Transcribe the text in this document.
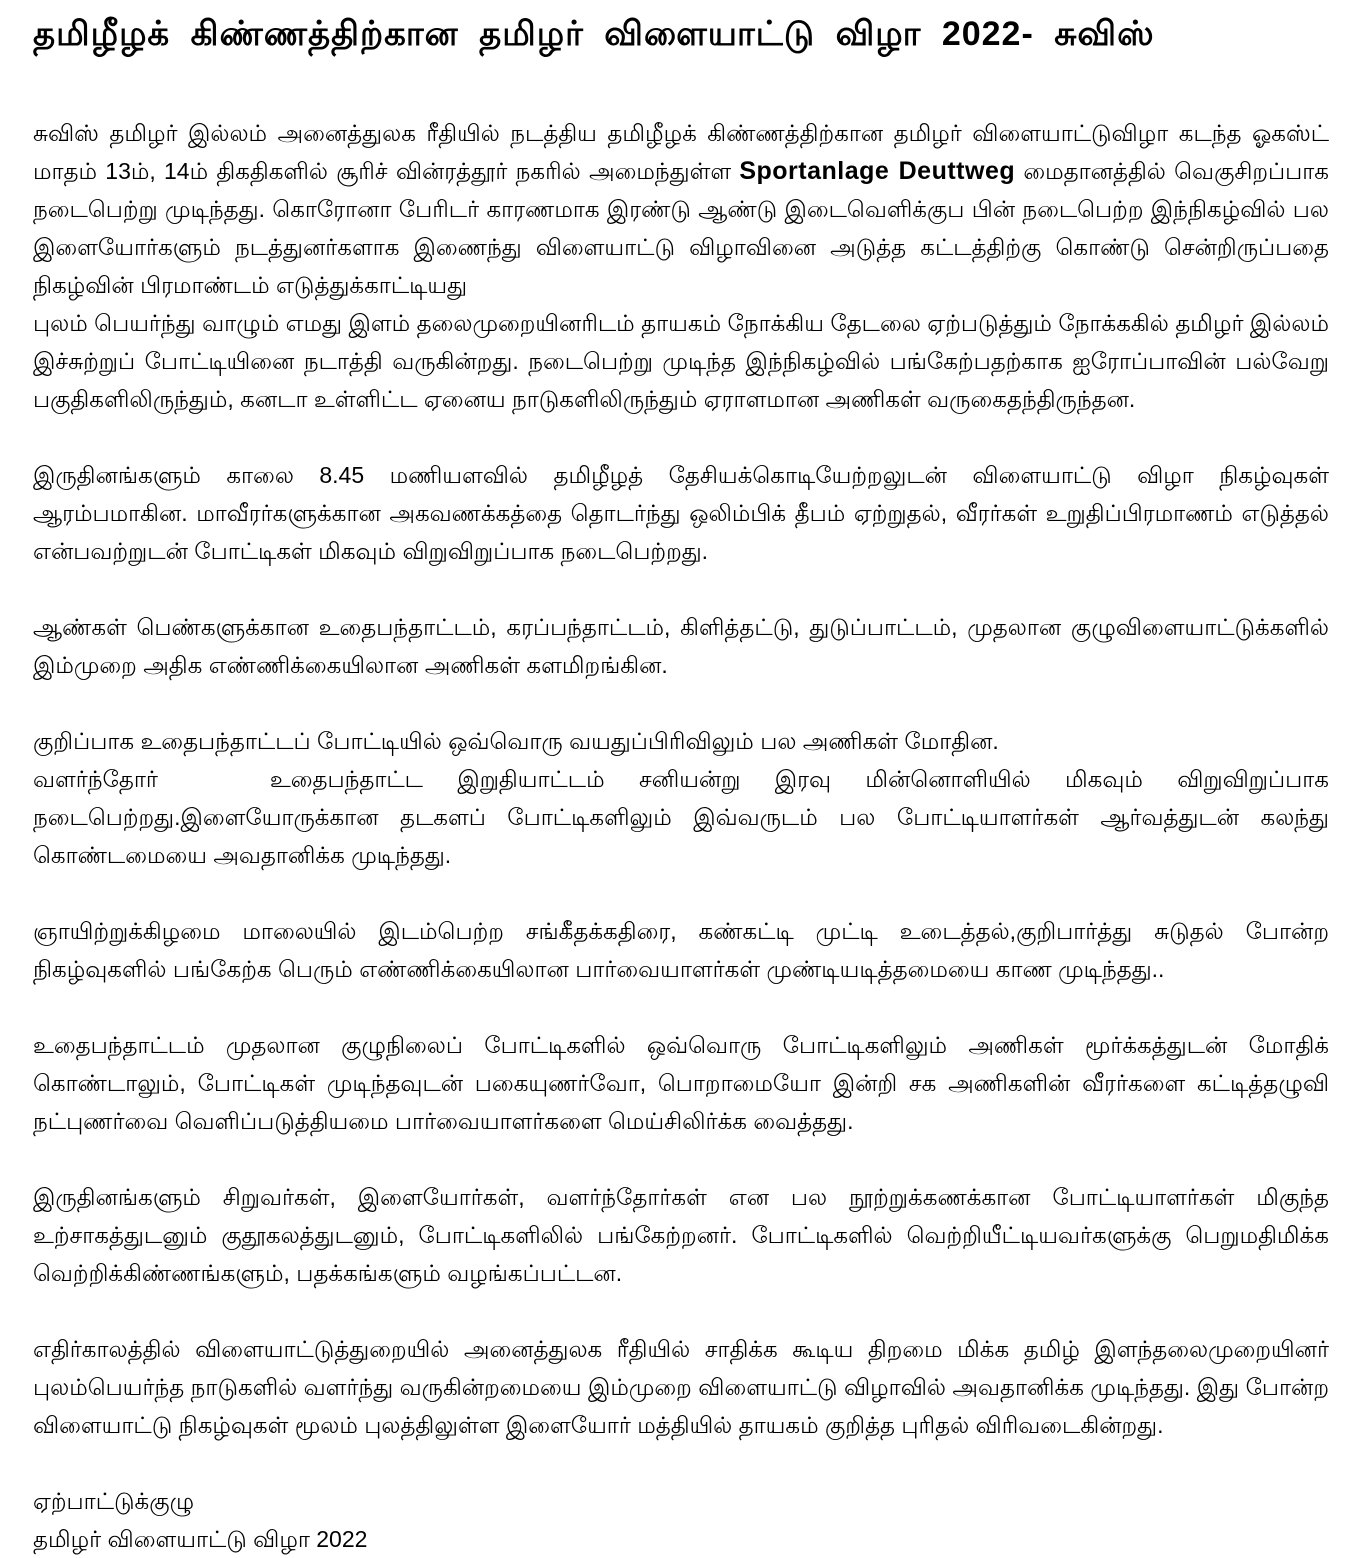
தமிழீழக் கிண்ணத்திற்கான தமிழர் விளையாட்டு விழா 2022- சுவிஸ்

சுவிஸ் தமிழர் இல்லம் அனைத்துலக ரீதியில் நடத்திய தமிழீழக் கிண்ணத்திற்கான தமிழர் விளையாட்டுவிழா கடந்த ஓகஸ்ட் மாதம் 13ம், 14ம் திகதிகளில் சூரிச் வின்ரத்தூர் நகரில் அமைந்துள்ள Sportanlage Deuttweg மைதானத்தில் வெகுசிறப்பாக நடைபெற்று முடிந்தது. கொரோனா பேரிடர் காரணமாக இரண்டு ஆண்டு இடைவெளிக்குப பின் நடைபெற்ற இந்நிகழ்வில் பல இளையோர்களும் நடத்துனர்களாக இணைந்து விளையாட்டு விழாவினை அடுத்த கட்டத்திற்கு கொண்டு சென்றிருப்பதை நிகழ்வின் பிரமாண்டம் எடுத்துக்காட்டியது

புலம் பெயர்ந்து வாழும் எமது இளம் தலைமுறையினரிடம் தாயகம் நோக்கிய தேடலை ஏற்படுத்தும் நோக்ககில் தமிழர் இல்லம் இச்சுற்றுப் போட்டியினை நடாத்தி வருகின்றது. நடைபெற்று முடிந்த இந்நிகழ்வில் பங்கேற்பதற்காக ஐரோப்பாவின் பல்வேறு பகுதிகளிலிருந்தும், கனடா உள்ளிட்ட ஏனைய நாடுகளிலிருந்தும் ஏராளமான அணிகள் வருகைதந்திருந்தன.

இருதினங்களும் காலை 8.45 மணியளவில் தமிழீழத் தேசியக்கொடியேற்றலுடன் விளையாட்டு விழா நிகழ்வுகள் ஆரம்பமாகின. மாவீரர்களுக்கான அகவணக்கத்தை தொடர்ந்து ஒலிம்பிக் தீபம் ஏற்றுதல், வீரர்கள் உறுதிப்பிரமாணம் எடுத்தல் என்பவற்றுடன் போட்டிகள் மிகவும் விறுவிறுப்பாக நடைபெற்றது.

ஆண்கள் பெண்களுக்கான உதைபந்தாட்டம், கரப்பந்தாட்டம், கிளித்தட்டு, துடுப்பாட்டம், முதலான குழுவிளையாட்டுக்களில் இம்முறை அதிக எண்ணிக்கையிலான அணிகள் களமிறங்கின.

குறிப்பாக உதைபந்தாட்டப் போட்டியில் ஒவ்வொரு வயதுப்பிரிவிலும் பல அணிகள் மோதின.
வளர்ந்தோர்	உதைபந்தாட்ட இறுதியாட்டம் சனியன்று இரவு மின்னொளியில் மிகவும் விறுவிறுப்பாக நடைபெற்றது.இளையோருக்கான தடகளப் போட்டிகளிலும் இவ்வருடம் பல போட்டியாளர்கள் ஆர்வத்துடன் கலந்து கொண்டமையை அவதானிக்க முடிந்தது.

ஞாயிற்றுக்கிழமை மாலையில் இடம்பெற்ற சங்கீதக்கதிரை, கண்கட்டி முட்டி உடைத்தல்,குறிபார்த்து சுடுதல் போன்ற நிகழ்வுகளில் பங்கேற்க பெரும் எண்ணிக்கையிலான பார்வையாளர்கள் முண்டியடித்தமையை காண முடிந்தது..

உதைபந்தாட்டம் முதலான குழுநிலைப் போட்டிகளில் ஒவ்வொரு போட்டிகளிலும் அணிகள் மூர்க்கத்துடன் மோதிக் கொண்டாலும், போட்டிகள் முடிந்தவுடன் பகையுணர்வோ, பொறாமையோ இன்றி சக அணிகளின் வீரர்களை கட்டித்தழுவி நட்புணர்வை வெளிப்படுத்தியமை பார்வையாளர்களை மெய்சிலிர்க்க வைத்தது.

இருதினங்களும் சிறுவர்கள், இளையோர்கள், வளர்ந்தோர்கள் என பல நூற்றுக்கணக்கான போட்டியாளர்கள் மிகுந்த உற்சாகத்துடனும் குதூகலத்துடனும், போட்டிகளிலில் பங்கேற்றனர். போட்டிகளில் வெற்றியீட்டியவர்களுக்கு பெறுமதிமிக்க வெற்றிக்கிண்ணங்களும், பதக்கங்களும் வழங்கப்பட்டன.

எதிர்காலத்தில் விளையாட்டுத்துறையில் அனைத்துலக ரீதியில் சாதிக்க கூடிய திறமை மிக்க தமிழ் இளந்தலைமுறையினர் புலம்பெயர்ந்த நாடுகளில் வளர்ந்து வருகின்றமையை இம்முறை விளையாட்டு விழாவில் அவதானிக்க முடிந்தது. இது போன்ற விளையாட்டு நிகழ்வுகள் மூலம் புலத்திலுள்ள இளையோர் மத்தியில் தாயகம் குறித்த புரிதல் விரிவடைகின்றது.

ஏற்பாட்டுக்குழு

தமிழர் விளையாட்டு விழா 2022
